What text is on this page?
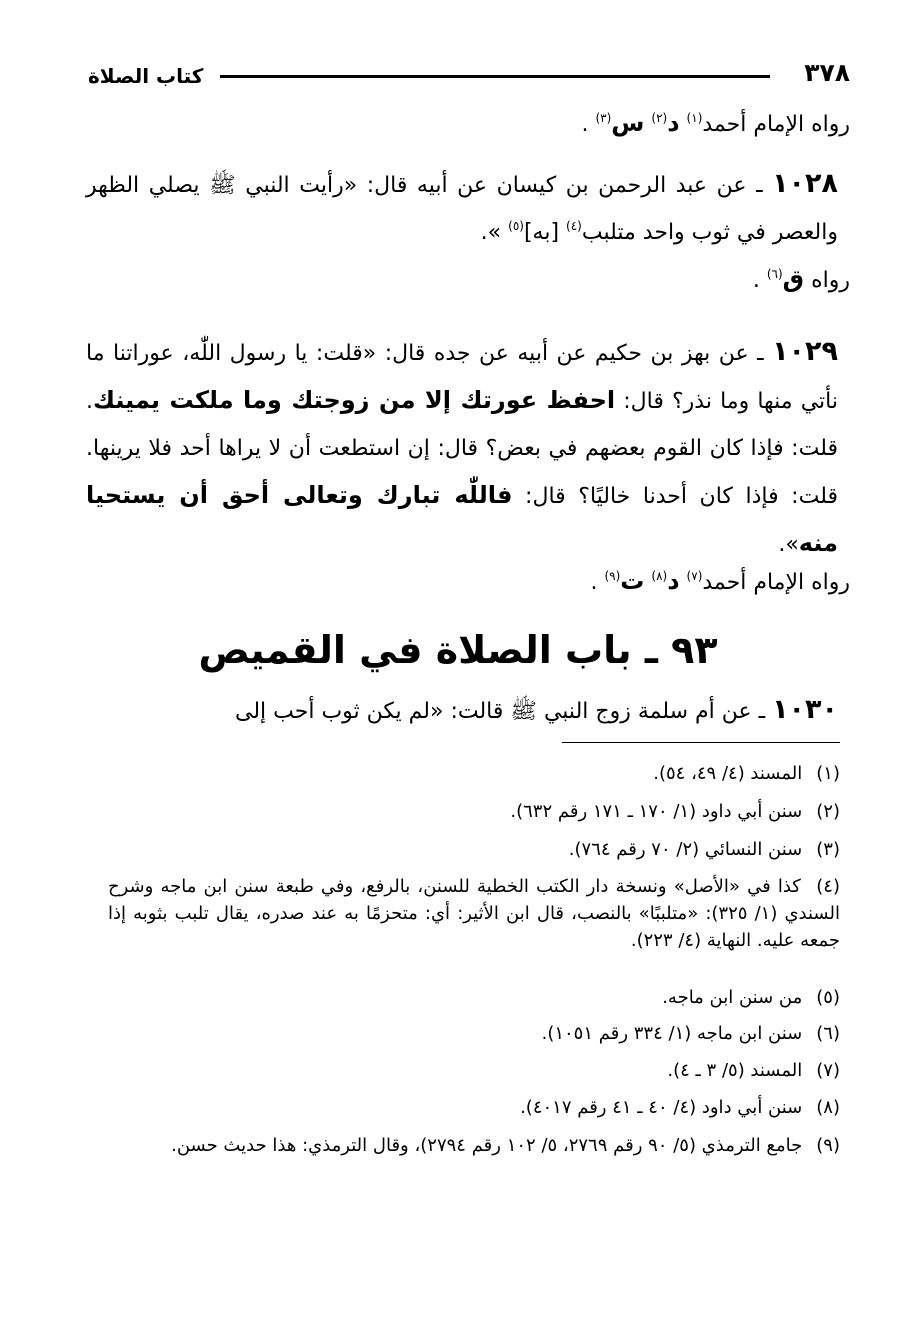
٣٧٨
كتاب الصلاة
رواه الإمام أحمد$^{(١)}$ د$^{(٢)}$ س$^{(٣)}$ .
١٠٢٨ ـ عن عبد الرحمن بن كيسان عن أبيه قال: «رأيت النبي ﷺ يصلي الظهر والعصر في ثوب واحد متلبب$^{(٤)}$ [به]$^{(٥)}$ ».
رواه ق$^{(٦)}$ .
١٠٢٩ ـ عن بهز بن حكيم عن أبيه عن جده قال: «قلت: يا رسول اللّٰه، عوراتنا ما نأتي منها وما نذر؟ قال: احفظ عورتك إلا من زوجتك وما ملكت يمينك. قلت: فإذا كان القوم بعضهم في بعض؟ قال: إن استطعت أن لا يراها أحد فلا يرينها. قلت: فإذا كان أحدنا خاليًا؟ قال: فاللّٰه تبارك وتعالى أحق أن يستحيا منه».
رواه الإمام أحمد$^{(٧)}$ د$^{(٨)}$ ت$^{(٩)}$ .
٩٣ ـ باب الصلاة في القميص
١٠٣٠ ـ عن أم سلمة زوج النبي ﷺ قالت: «لم يكن ثوب أحب إلى
(١) المسند (٤/ ٤٩، ٥٤).
(٢) سنن أبي داود (١/ ١٧٠ ـ ١٧١ رقم ٦٣٢).
(٣) سنن النسائي (٢/ ٧٠ رقم ٧٦٤).
(٤) كذا في «الأصل» ونسخة دار الكتب الخطية للسنن، بالرفع، وفي طبعة سنن ابن ماجه وشرح السندي (١/ ٣٢٥): «متلببًا» بالنصب، قال ابن الأثير: أي: متحزمًا به عند صدره، يقال تلبب بثوبه إذا جمعه عليه. النهاية (٤/ ٢٢٣).
(٥) من سنن ابن ماجه.
(٦) سنن ابن ماجه (١/ ٣٣٤ رقم ١٠٥١).
(٧) المسند (٥/ ٣ ـ ٤).
(٨) سنن أبي داود (٤/ ٤٠ ـ ٤١ رقم ٤٠١٧).
(٩) جامع الترمذي (٥/ ٩٠ رقم ٢٧٦٩، ٥/ ١٠٢ رقم ٢٧٩٤)، وقال الترمذي: هذا حديث حسن.
